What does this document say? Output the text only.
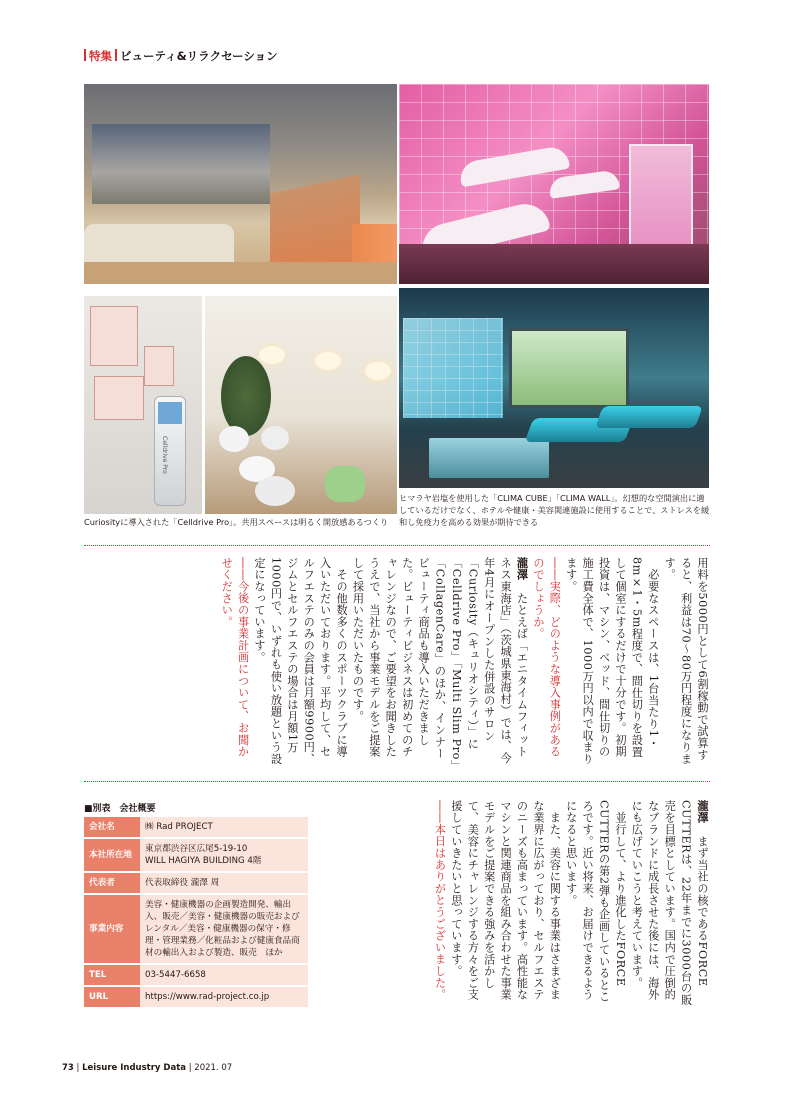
特集 ビューティ&リラクセーション
Celldrive Pro
Curiosityに導入された「Celldrive Pro」。共用スペースは明るく開放感あるつくり
ヒマラヤ岩塩を使用した「CLIMA CUBE」「CLIMA WALL」。幻想的な空間演出に適しているだけでなく、ホテルや健康・美容関連施設に使用することで、ストレスを緩和し免疫力を高める効果が期待できる

用料を5000円として6割稼動で試算すると、利益は70〜80万円程度になります。

　必要なスペースは、1台当たり1・8m×1・5m程度で、間仕切りを設置して個室にするだけで十分です。初期投資は、マシン、ベッド、間仕切りの施工費全体で、1000万円以内で収まります。

――実際、どのような導入事例があるのでしょうか。

瀧澤　たとえば「エニタイムフィットネス東海店」（茨城県東海村）では、今年4月にオープンした併設のサロン「Curiosity（キュリオシティ）」に「Celldrive Pro」「Multi Slim Pro」「CollagenCare」のほか、インナービューティ商品も導入いただきました。ビューティビジネスは初めてのチャレンジなので、ご要望をお聞きしたうえで、当社から事業モデルをご提案して採用いただいたものです。

　その他数多くのスポーツクラブに導入いただいております。平均して、セルフエステのみの会員は月額9900円、ジムとセルフエステの場合は月額1万1000円で、いずれも使い放題という設定になっています。

――今後の事業計画について、お聞かせください。

瀧澤　まず当社の核であるFORCE CUTTERは、22年までに3000台の販売を目標としています。国内で圧倒的なブランドに成長させた後には、海外にも広げていこうと考えています。

　並行して、より進化したFORCE CUTTERの第2弾も企画しているところです。近い将来、お届けできるようになると思います。

　また、美容に関する事業はさまざまな業界に広がっており、セルフエステのニーズも高まっています。高性能なマシンと関連商品を組み合わせた事業モデルをご提案できる強みを活かして、美容にチャレンジする方々をご支援していきたいと思っています。

――本日はありがとうございました。

■別表　会社概要
会社名	㈱ Rad PROJECT
本社所在地	東京都渋谷区広尾5-19-10
WILL HAGIYA BUILDING 4階
代表者	代表取締役 瀧澤 周
事業内容	美容・健康機器の企画製造開発、輸出入、販売／美容・健康機器の販売およびレンタル／美容・健康機器の保守・修理・管理業務／化粧品および健康食品商材の輸出入および製造、販売　ほか
TEL	03-5447-6658
URL	https://www.rad-project.co.jp
73 | Leisure Industry Data | 2021. 07
